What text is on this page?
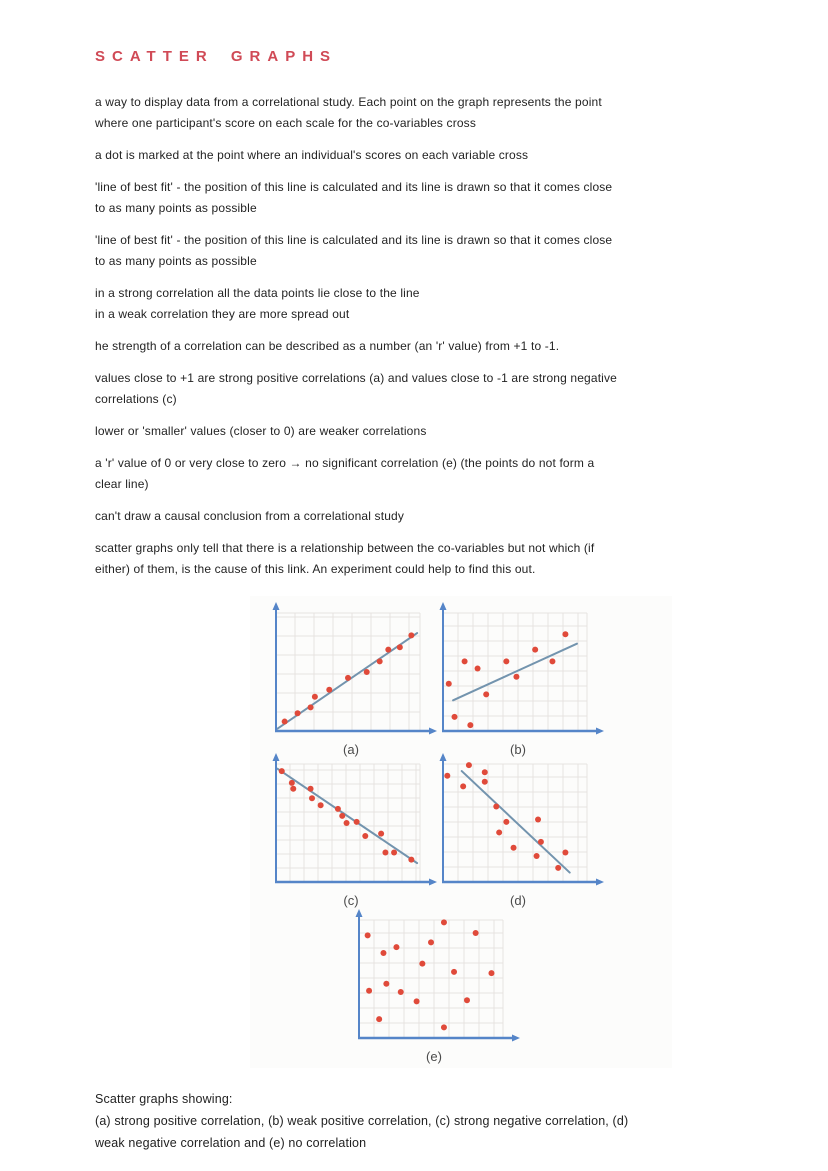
SCATTER GRAPHS

a way to display data from a correlational study. Each point on the graph represents the point
where one participant's score on each scale for the co-variables cross

a dot is marked at the point where an individual's scores on each variable cross

'line of best fit' - the position of this line is calculated and its line is drawn so that it comes close
to as many points as possible

'line of best fit' - the position of this line is calculated and its line is drawn so that it comes close
to as many points as possible

in a strong correlation all the data points lie close to the line
in a weak correlation they are more spread out

he strength of a correlation can be described as a number (an 'r' value) from +1 to -1.

values close to +1 are strong positive correlations (a) and values close to -1 are strong negative
correlations (c)

lower or 'smaller' values (closer to 0) are weaker correlations

a 'r' value of 0 or very close to zero → no significant correlation (e) (the points do not form a
clear line)

can't draw a causal conclusion from a correlational study

scatter graphs only tell that there is a relationship between the co-variables but not which (if
either) of them, is the cause of this link. An experiment could help to find this out.

(a)	(b)
(c)	(d)
(e)
Scatter graphs showing:
(a) strong positive correlation, (b) weak positive correlation, (c) strong negative correlation, (d)
weak negative correlation and (e) no correlation
